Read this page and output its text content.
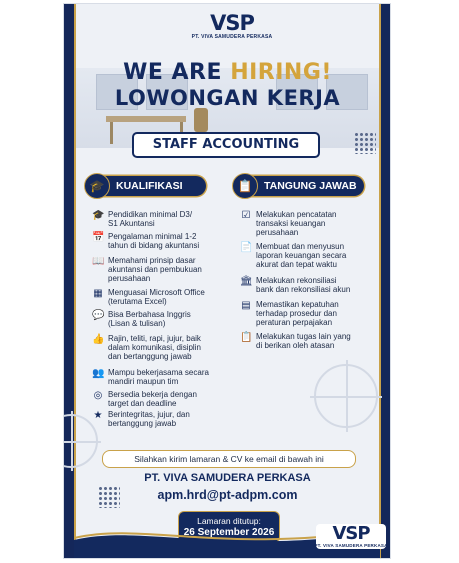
VSP
PT. VIVA SAMUDERA PERKASA
WE ARE HIRING!
LOWONGAN KERJA
STAFF ACCOUNTING
🎓	KUALIFIKASI	📋	TANGUNG JAWAB
🎓 Pendidikan minimal D3/
S1 Akuntansi
📅 Pengalaman minimal 1-2
tahun di bidang akuntansi
📖 Memahami prinsip dasar
akuntansi dan pembukuan
perusahaan
▦ Menguasai Microsoft Office
(terutama Excel)
💬 Bisa Berbahasa Inggris
(Lisan & tulisan)
👍 Rajin, teliti, rapi, jujur, baik
dalam komunikasi, disiplin
dan bertanggung jawab
👥 Mampu bekerjasama secara
mandiri maupun tim
◎ Bersedia bekerja dengan
target dan deadline
★ Berintegritas, jujur, dan
bertanggung jawab
☑ Melakukan pencatatan
transaksi keuangan
perusahaan
📄 Membuat dan menyusun
laporan keuangan secara
akurat dan tepat waktu
🏛 Melakukan rekonsiliasi
bank dan rekonsiliasi akun
▤ Memastikan kepatuhan
terhadap prosedur dan
peraturan perpajakan
📋 Melakukan tugas lain yang
di berikan oleh atasan
Silahkan kirim lamaran & CV ke email di bawah ini
PT. VIVA SAMUDERA PERKASA
apm.hrd@pt-adpm.com
Lamaran ditutup:
26 September 2026	VSP
PT. VIVA SAMUDERA PERKASA
